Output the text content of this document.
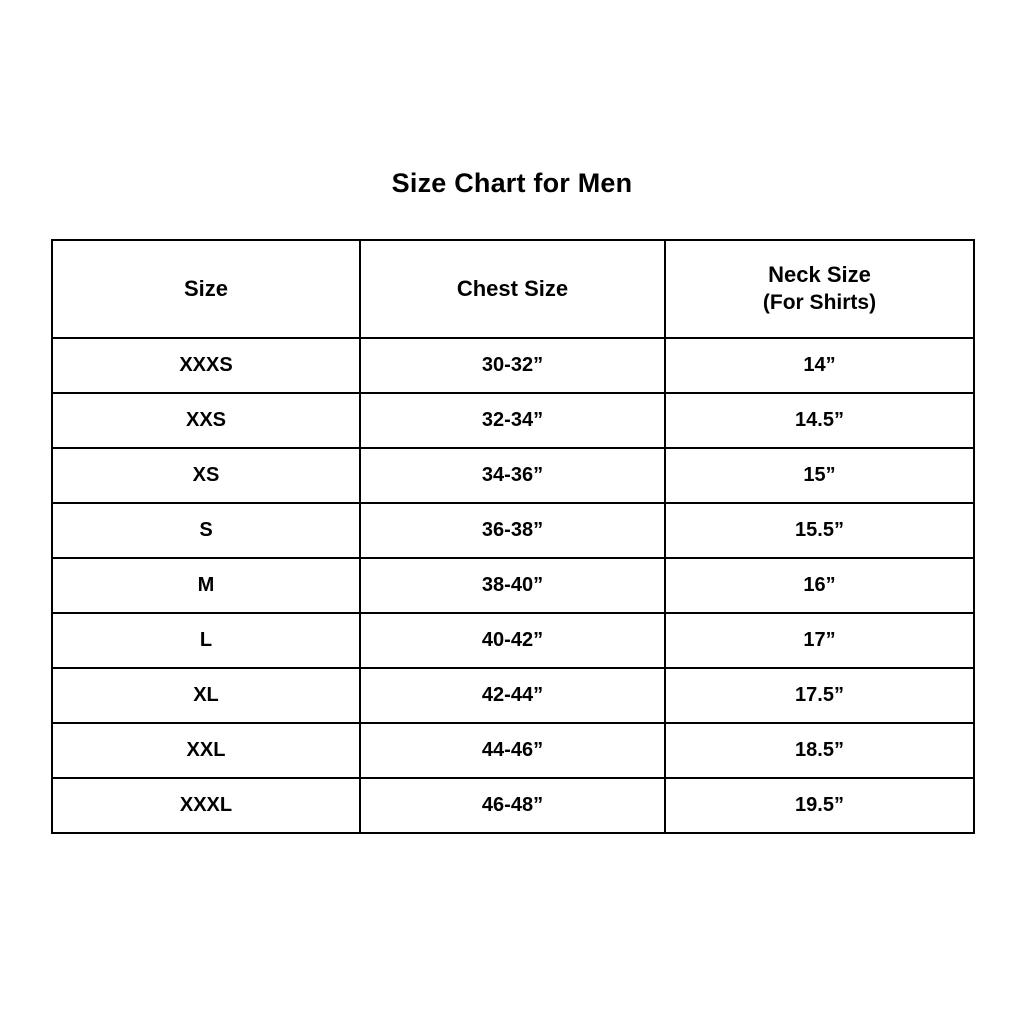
Size Chart for Men
Size	Chest Size	Neck Size
(For Shirts)

XXXS	30-32”	14”
XXS	32-34”	14.5”
XS	34-36”	15”
S	36-38”	15.5”
M	38-40”	16”
L	40-42”	17”
XL	42-44”	17.5”
XXL	44-46”	18.5”
XXXL	46-48”	19.5”
